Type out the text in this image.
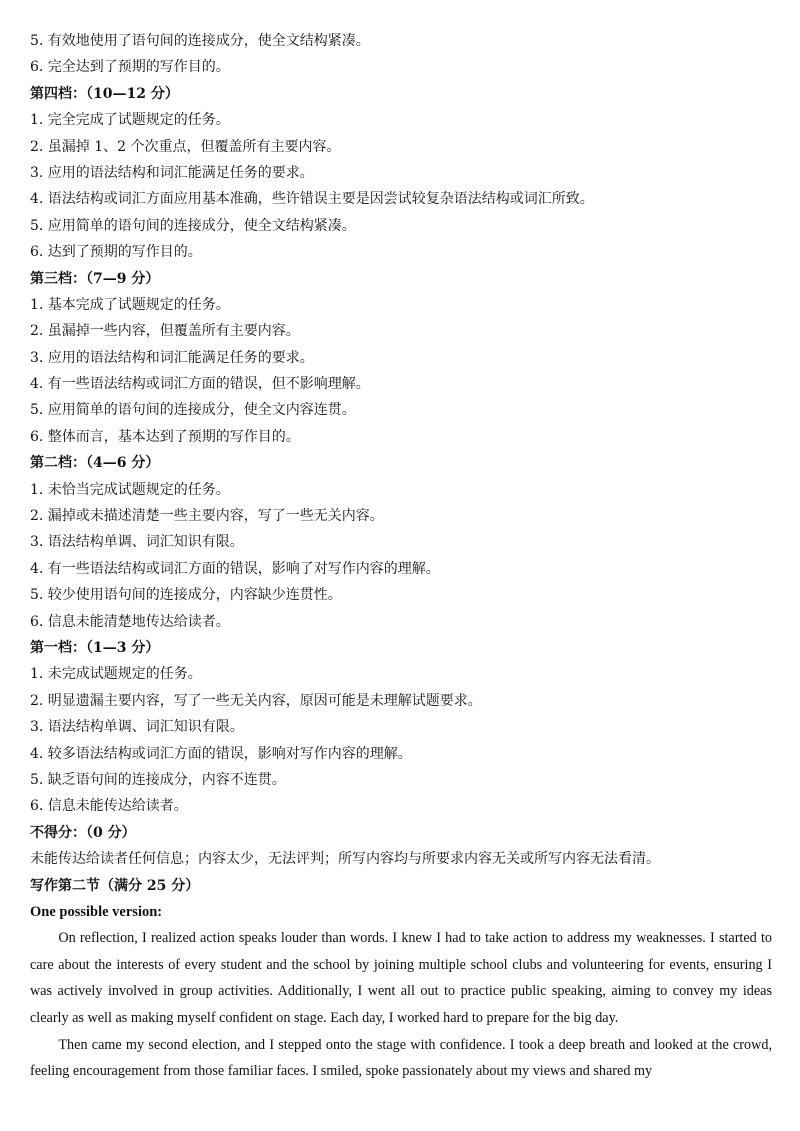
5. 有效地使用了语句间的连接成分，使全文结构紧凑。
6. 完全达到了预期的写作目的。
第四档：（10—12 分）
1. 完全完成了试题规定的任务。
2. 虽漏掉 1、2 个次重点，但覆盖所有主要内容。
3. 应用的语法结构和词汇能满足任务的要求。
4. 语法结构或词汇方面应用基本准确，些许错误主要是因尝试较复杂语法结构或词汇所致。
5. 应用简单的语句间的连接成分，使全文结构紧凑。
6. 达到了预期的写作目的。
第三档：（7—9 分）
1. 基本完成了试题规定的任务。
2. 虽漏掉一些内容，但覆盖所有主要内容。
3. 应用的语法结构和词汇能满足任务的要求。
4. 有一些语法结构或词汇方面的错误，但不影响理解。
5. 应用简单的语句间的连接成分，使全文内容连贯。
6. 整体而言，基本达到了预期的写作目的。
第二档：（4—6 分）
1. 未恰当完成试题规定的任务。
2. 漏掉或未描述清楚一些主要内容，写了一些无关内容。
3. 语法结构单调、词汇知识有限。
4. 有一些语法结构或词汇方面的错误，影响了对写作内容的理解。
5. 较少使用语句间的连接成分，内容缺少连贯性。
6. 信息未能清楚地传达给读者。
第一档：（1—3 分）
1. 未完成试题规定的任务。
2. 明显遗漏主要内容，写了一些无关内容，原因可能是未理解试题要求。
3. 语法结构单调、词汇知识有限。
4. 较多语法结构或词汇方面的错误，影响对写作内容的理解。
5. 缺乏语句间的连接成分，内容不连贯。
6. 信息未能传达给读者。
不得分：（0 分）
未能传达给读者任何信息；内容太少，无法评判；所写内容均与所要求内容无关或所写内容无法看清。
写作第二节（满分 25 分）
One possible version:

On reflection, I realized action speaks louder than words. I knew I had to take action to address my weaknesses. I started to care about the interests of every student and the school by joining multiple school clubs and volunteering for events, ensuring I was actively involved in group activities. Additionally, I went all out to practice public speaking, aiming to convey my ideas clearly as well as making myself confident on stage. Each day, I worked hard to prepare for the big day.

Then came my second election, and I stepped onto the stage with confidence. I took a deep breath and looked at the crowd, feeling encouragement from those familiar faces. I smiled, spoke passionately about my views and shared my
